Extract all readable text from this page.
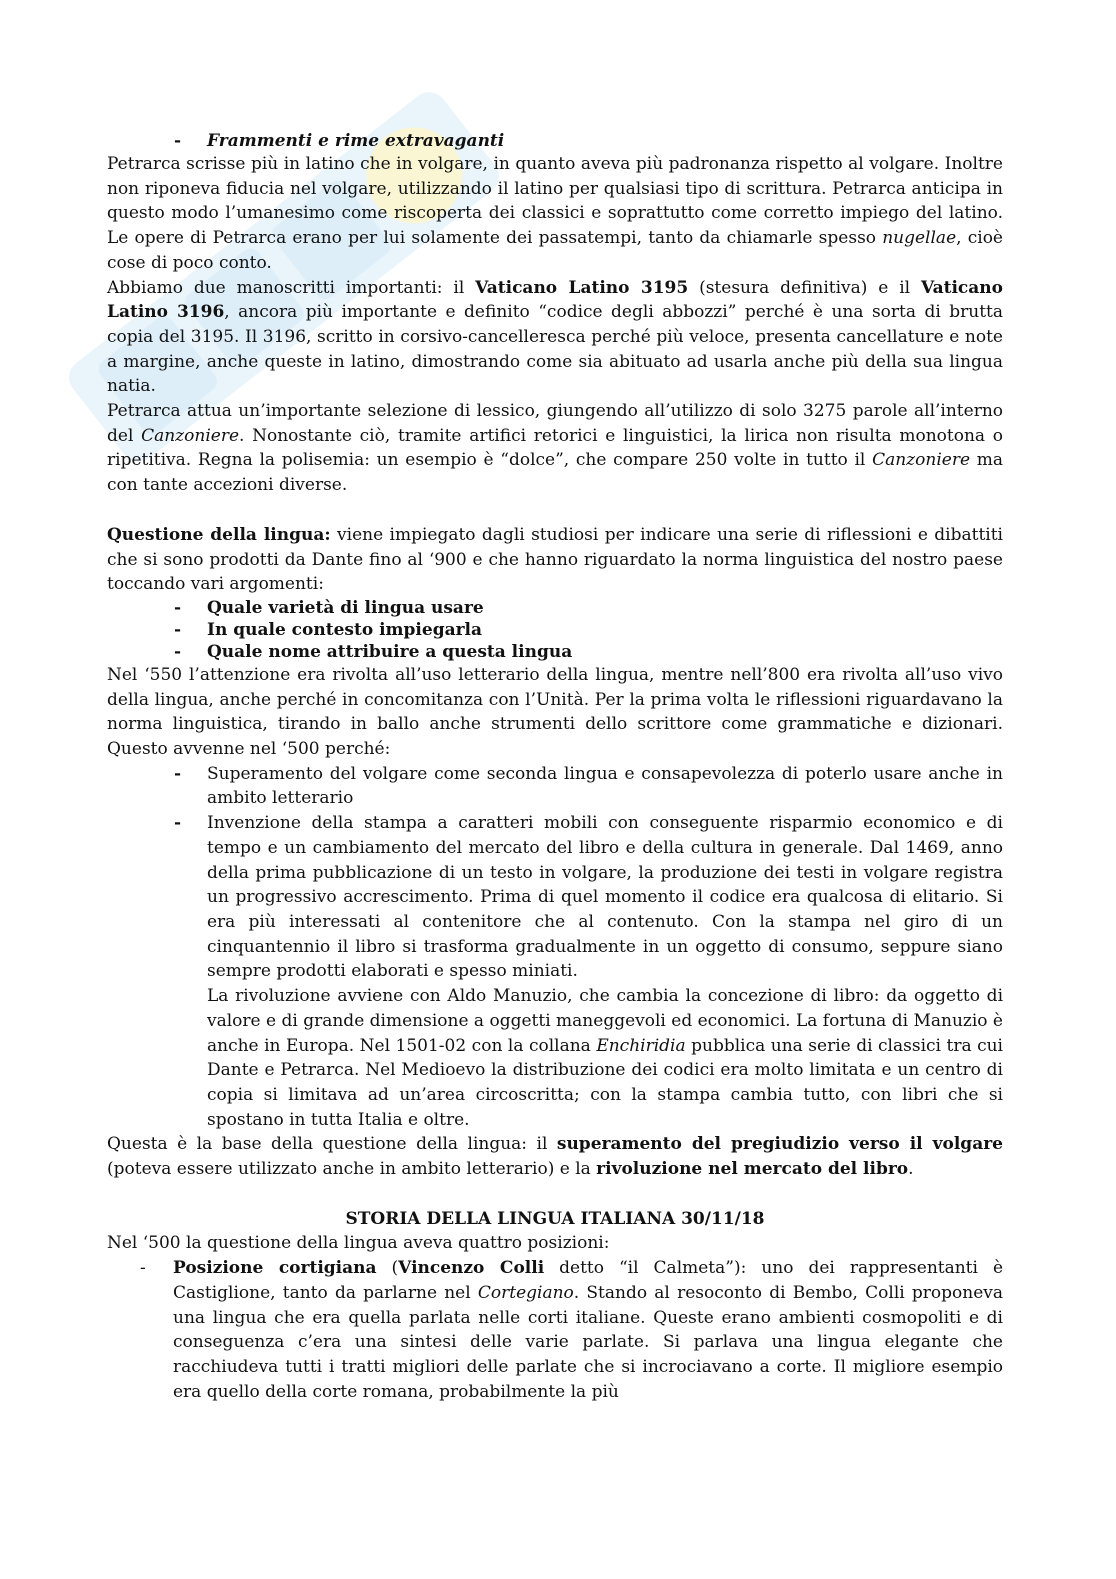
- Frammenti e rime extravaganti

Petrarca scrisse più in latino che in volgare, in quanto aveva più padronanza rispetto al volgare. Inoltre non riponeva fiducia nel volgare, utilizzando il latino per qualsiasi tipo di scrittura. Petrarca anticipa in questo modo l’umanesimo come riscoperta dei classici e soprattutto come corretto impiego del latino. Le opere di Petrarca erano per lui solamente dei passatempi, tanto da chiamarle spesso nugellae, cioè cose di poco conto.

Abbiamo due manoscritti importanti: il Vaticano Latino 3195 (stesura definitiva) e il Vaticano Latino 3196, ancora più importante e definito “codice degli abbozzi” perché è una sorta di brutta copia del 3195. Il 3196, scritto in corsivo-cancelleresca perché più veloce, presenta cancellature e note a margine, anche queste in latino, dimostrando come sia abituato ad usarla anche più della sua lingua natia.

Petrarca attua un’importante selezione di lessico, giungendo all’utilizzo di solo 3275 parole all’interno del Canzoniere. Nonostante ciò, tramite artifici retorici e linguistici, la lirica non risulta monotona o ripetitiva. Regna la polisemia: un esempio è “dolce”, che compare 250 volte in tutto il Canzoniere ma con tante accezioni diverse.

Questione della lingua: viene impiegato dagli studiosi per indicare una serie di riflessioni e dibattiti che si sono prodotti da Dante fino al ‘900 e che hanno riguardato la norma linguistica del nostro paese toccando vari argomenti:

- Quale varietà di lingua usare
- In quale contesto impiegarla
- Quale nome attribuire a questa lingua

Nel ‘550 l’attenzione era rivolta all’uso letterario della lingua, mentre nell’800 era rivolta all’uso vivo della lingua, anche perché in concomitanza con l’Unità. Per la prima volta le riflessioni riguardavano la norma linguistica, tirando in ballo anche strumenti dello scrittore come grammatiche e dizionari. Questo avvenne nel ‘500 perché:

- Superamento del volgare come seconda lingua e consapevolezza di poterlo usare anche in ambito letterario
- Invenzione della stampa a caratteri mobili con conseguente risparmio economico e di tempo e un cambiamento del mercato del libro e della cultura in generale. Dal 1469, anno della prima pubblicazione di un testo in volgare, la produzione dei testi in volgare registra un progressivo accrescimento. Prima di quel momento il codice era qualcosa di elitario. Si era più interessati al contenitore che al contenuto. Con la stampa nel giro di un cinquantennio il libro si trasforma gradualmente in un oggetto di consumo, seppure siano sempre prodotti elaborati e spesso miniati.

La rivoluzione avviene con Aldo Manuzio, che cambia la concezione di libro: da oggetto di valore e di grande dimensione a oggetti maneggevoli ed economici. La fortuna di Manuzio è anche in Europa. Nel 1501-02 con la collana Enchiridia pubblica una serie di classici tra cui Dante e Petrarca. Nel Medioevo la distribuzione dei codici era molto limitata e un centro di copia si limitava ad un’area circoscritta; con la stampa cambia tutto, con libri che si spostano in tutta Italia e oltre.

Questa è la base della questione della lingua: il superamento del pregiudizio verso il volgare (poteva essere utilizzato anche in ambito letterario) e la rivoluzione nel mercato del libro.

STORIA DELLA LINGUA ITALIANA 30/11/18

Nel ‘500 la questione della lingua aveva quattro posizioni:

- Posizione cortigiana (Vincenzo Colli detto “il Calmeta”): uno dei rappresentanti è Castiglione, tanto da parlarne nel Cortegiano. Stando al resoconto di Bembo, Colli proponeva una lingua che era quella parlata nelle corti italiane. Queste erano ambienti cosmopoliti e di conseguenza c’era una sintesi delle varie parlate. Si parlava una lingua elegante che racchiudeva tutti i tratti migliori delle parlate che si incrociavano a corte. Il migliore esempio era quello della corte romana, probabilmente la più
